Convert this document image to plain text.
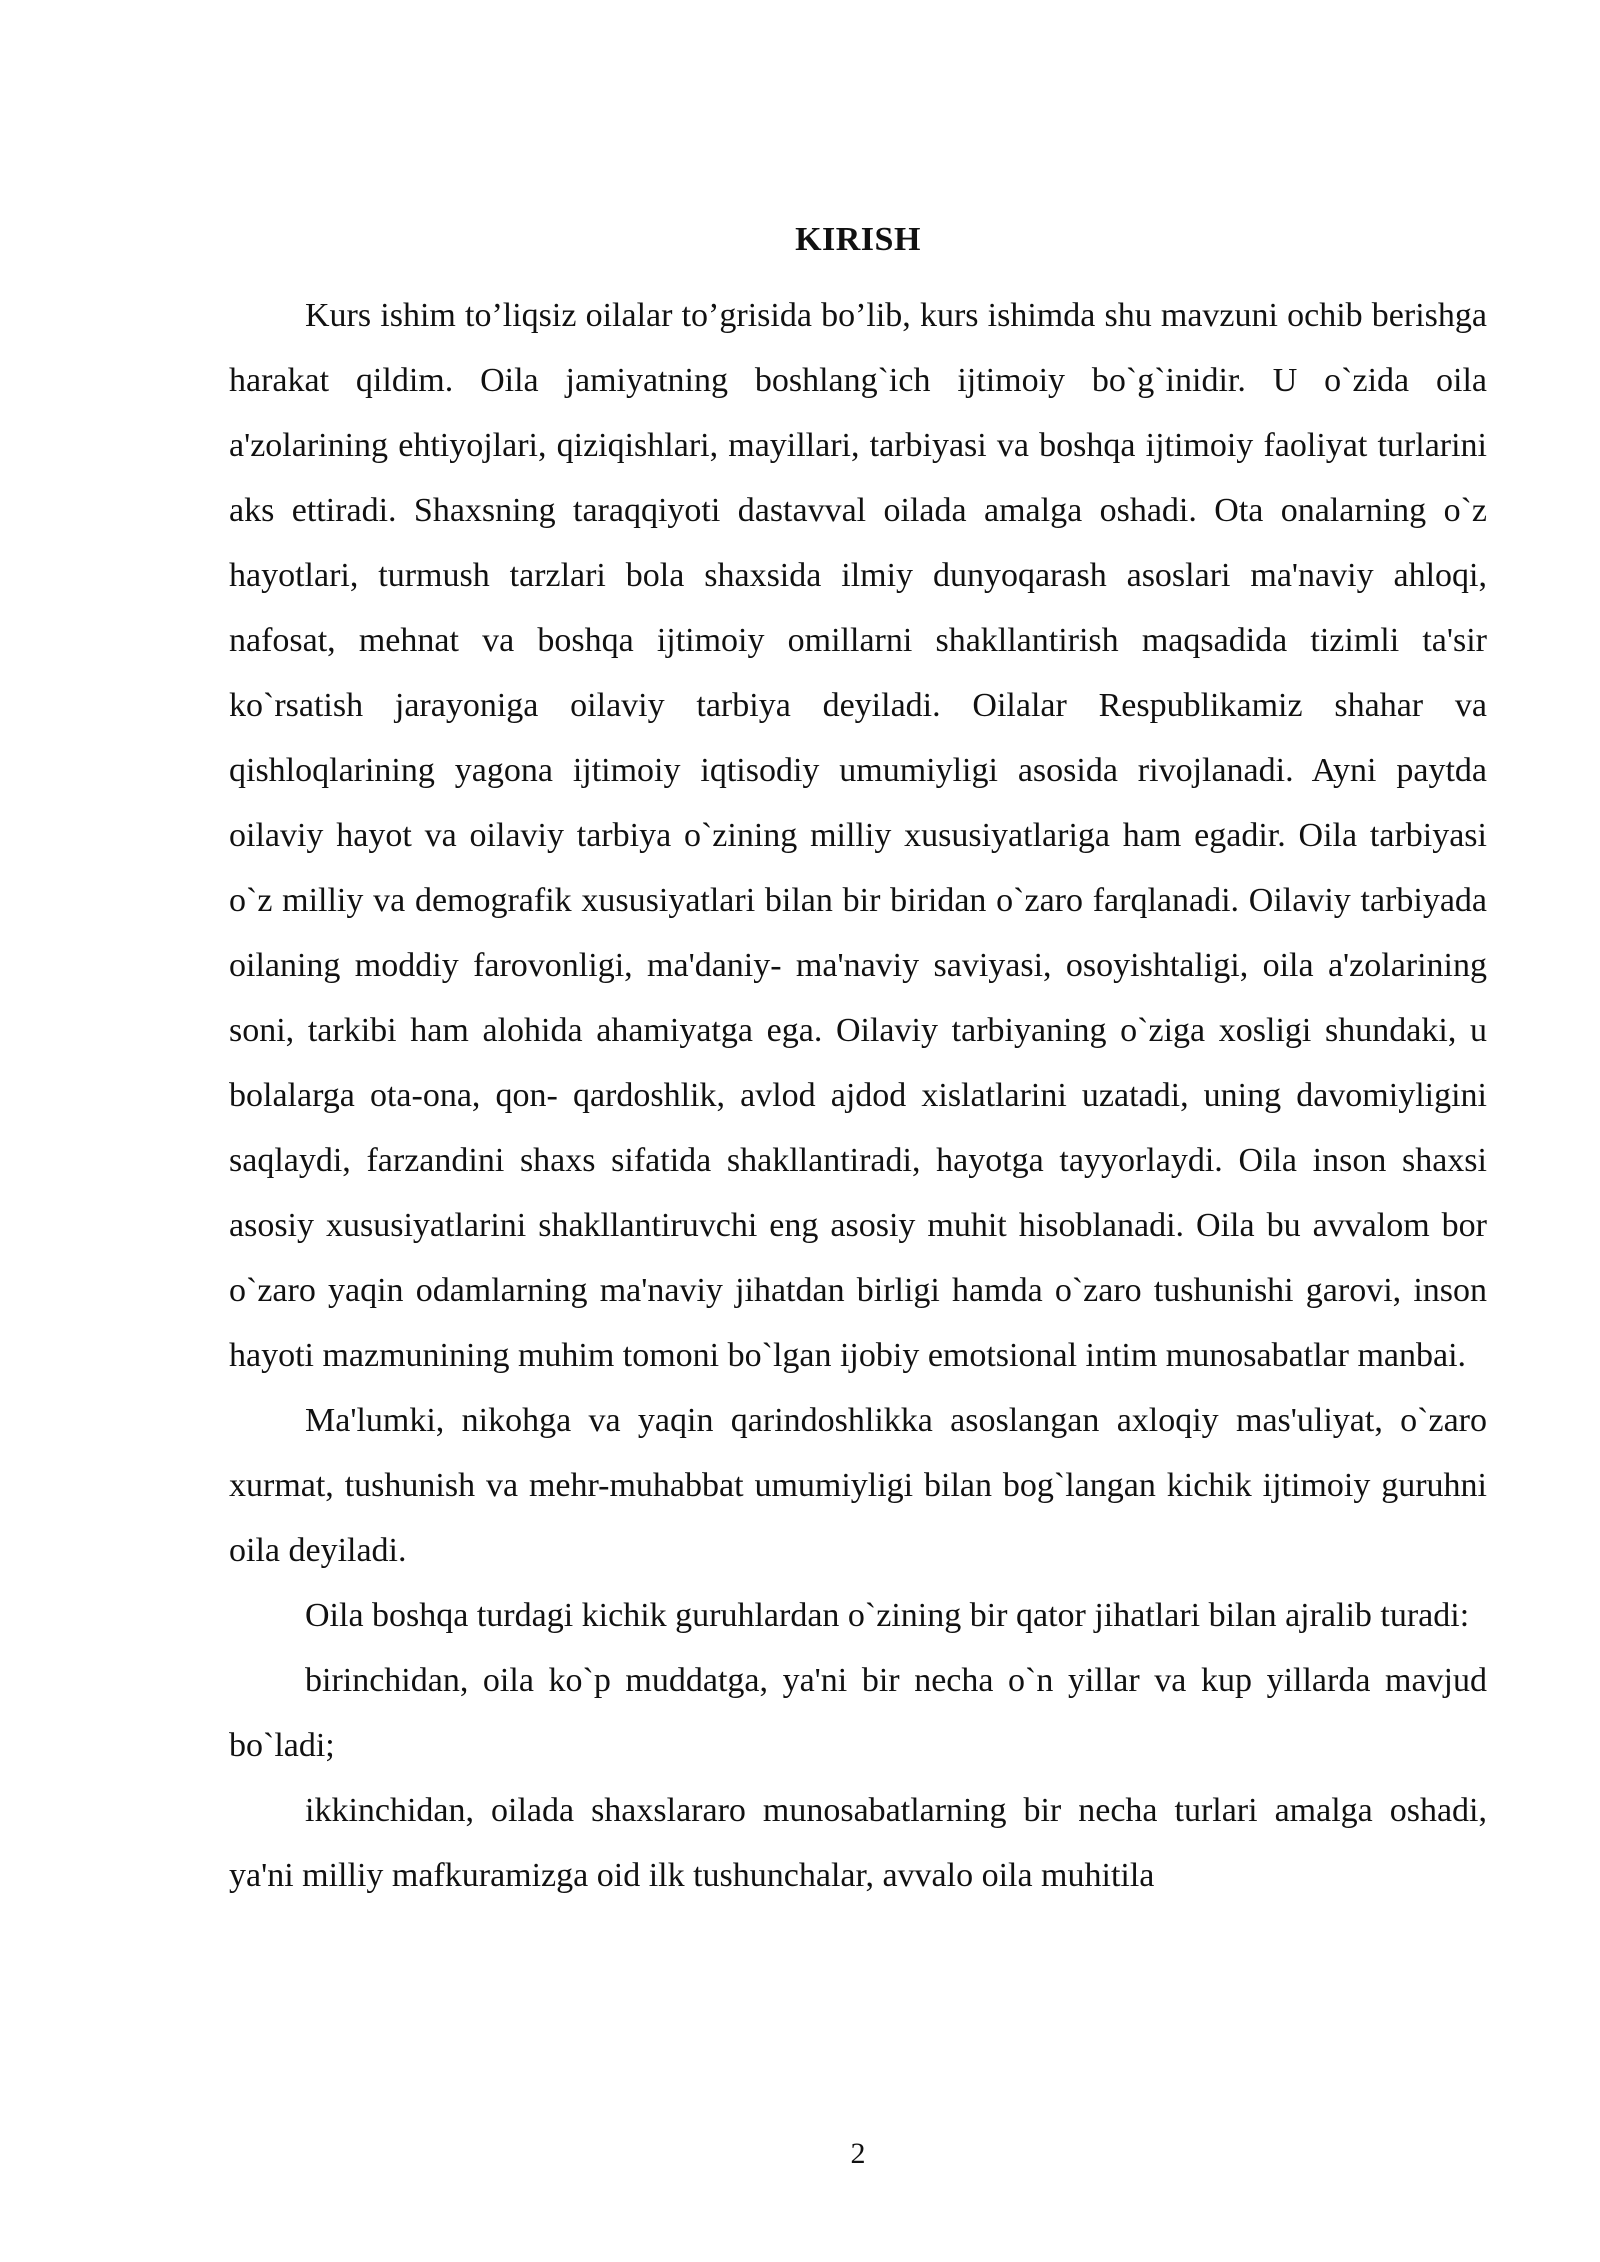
KIRISH

Kurs ishim to’liqsiz oilalar to’grisida bo’lib, kurs ishimda shu mavzuni ochib berishga harakat qildim. Oila jamiyatning boshlang`ich ijtimoiy bo`g`inidir. U o`zida oila a'zolarining ehtiyojlari, qiziqishlari, mayillari, tarbiyasi va boshqa ijtimoiy faoliyat turlarini aks ettiradi. Shaxsning taraqqiyoti dastavval oilada amalga oshadi. Ota onalarning o`z hayotlari, turmush tarzlari bola shaxsida ilmiy dunyoqarash asoslari ma'naviy ahloqi, nafosat, mehnat va boshqa ijtimoiy omillarni shakllantirish maqsadida tizimli ta'sir ko`rsatish jarayoniga oilaviy tarbiya deyiladi. Oilalar Respublikamiz shahar va qishloqlarining yagona ijtimoiy iqtisodiy umumiyligi asosida rivojlanadi. Ayni paytda oilaviy hayot va oilaviy tarbiya o`zining milliy xususiyatlariga ham egadir. Oila tarbiyasi o`z milliy va demografik xususiyatlari bilan bir biridan o`zaro farqlanadi. Oilaviy tarbiyada oilaning moddiy farovonligi, ma'daniy- ma'naviy saviyasi, osoyishtaligi, oila a'zolarining soni, tarkibi ham alohida ahamiyatga ega. Oilaviy tarbiyaning o`ziga xosligi shundaki, u bolalarga ota-ona, qon- qardoshlik, avlod ajdod xislatlarini uzatadi, uning davomiyligini saqlaydi, farzandini shaxs sifatida shakllantiradi, hayotga tayyorlaydi. Oila inson shaxsi asosiy xususiyatlarini shakllantiruvchi eng asosiy muhit hisoblanadi. Oila bu avvalom bor o`zaro yaqin odamlarning ma'naviy jihatdan birligi hamda o`zaro tushunishi garovi, inson hayoti mazmunining muhim tomoni bo`lgan ijobiy emotsional intim munosabatlar manbai.

Ma'lumki, nikohga va yaqin qarindoshlikka asoslangan axloqiy mas'uliyat, o`zaro xurmat, tushunish va mehr-muhabbat umumiyligi bilan bog`langan kichik ijtimoiy guruhni oila deyiladi.

Oila boshqa turdagi kichik guruhlardan o`zining bir qator jihatlari bilan ajralib turadi:

birinchidan, oila ko`p muddatga, ya'ni bir necha o`n yillar va kup yillarda mavjud bo`ladi;

ikkinchidan, oilada shaxslararo munosabatlarning bir necha turlari amalga oshadi, ya'ni milliy mafkuramizga oid ilk tushunchalar, avvalo oila muhitila

2
